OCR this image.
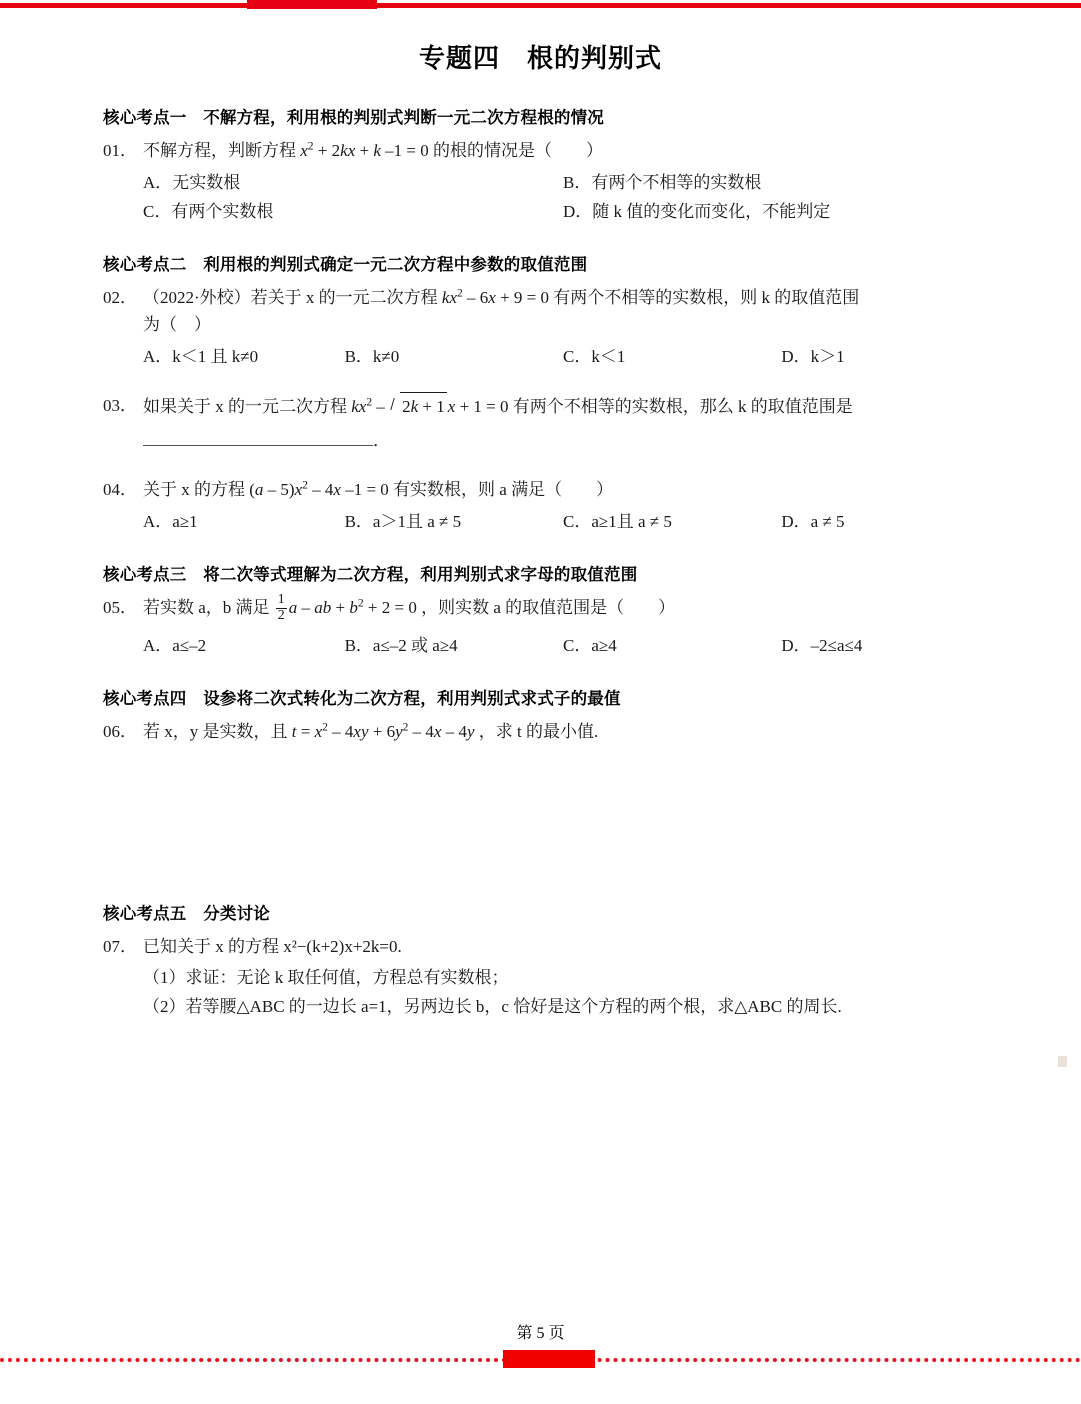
专题四　根的判别式
核心考点一　不解方程，利用根的判别式判断一元二次方程根的情况
01． 不解方程，判断方程 $x^2 + 2kx + k$ –1 = 0 的根的情况是（　　）
A．无实数根	B．有两个不相等的实数根
C．有两个实数根	D．随 k 值的变化而变化，不能判定
核心考点二　利用根的判别式确定一元二次方程中参数的取值范围
02． （2022·外校）若关于 x 的一元二次方程 $kx^2 - 6x + 9 = 0$ 有两个不相等的实数根，则 k 的取值范围
为（　）
A．k＜1 且 k≠0	B．k≠0	C．k＜1	D．k＞1
03． 如果关于 x 的一元二次方程 $kx^2 - 2k + 1$ x + 1 = 0 有两个不相等的实数根，那么 k 的取值范围是
．
04． 关于 x 的方程 $(a - 5)x^2 - 4x$ –1 = 0 有实数根，则 a 满足（　　）
A．a≥1	B．a＞1且 a ≠ 5	C．a≥1且 a ≠ 5	D．a ≠ 5
核心考点三　将二次等式理解为二次方程，利用判别式求字母的取值范围
05． 若实数 a，b 满足 $\frac{1}{2}$ a – ab + $b^2 + 2 = 0$ ，则实数 a 的取值范围是（　　）
A．a≤–2	B．a≤–2 或 a≥4	C．a≥4	D．–2≤a≤4
核心考点四　设参将二次式转化为二次方程，利用判别式求式子的最值
06． 若 x，y 是实数，且 $t = x^2 - 4xy + 6y^2 - 4x - 4y$ ，求 t 的最小值.
核心考点五　分类讨论
07． 已知关于 x 的方程 x²−(k+2)x+2k=0.
（1）求证：无论 k 取任何值，方程总有实数根；
（2）若等腰△ABC 的一边长 a=1，另两边长 b，c 恰好是这个方程的两个根，求△ABC 的周长.
第 5 页
